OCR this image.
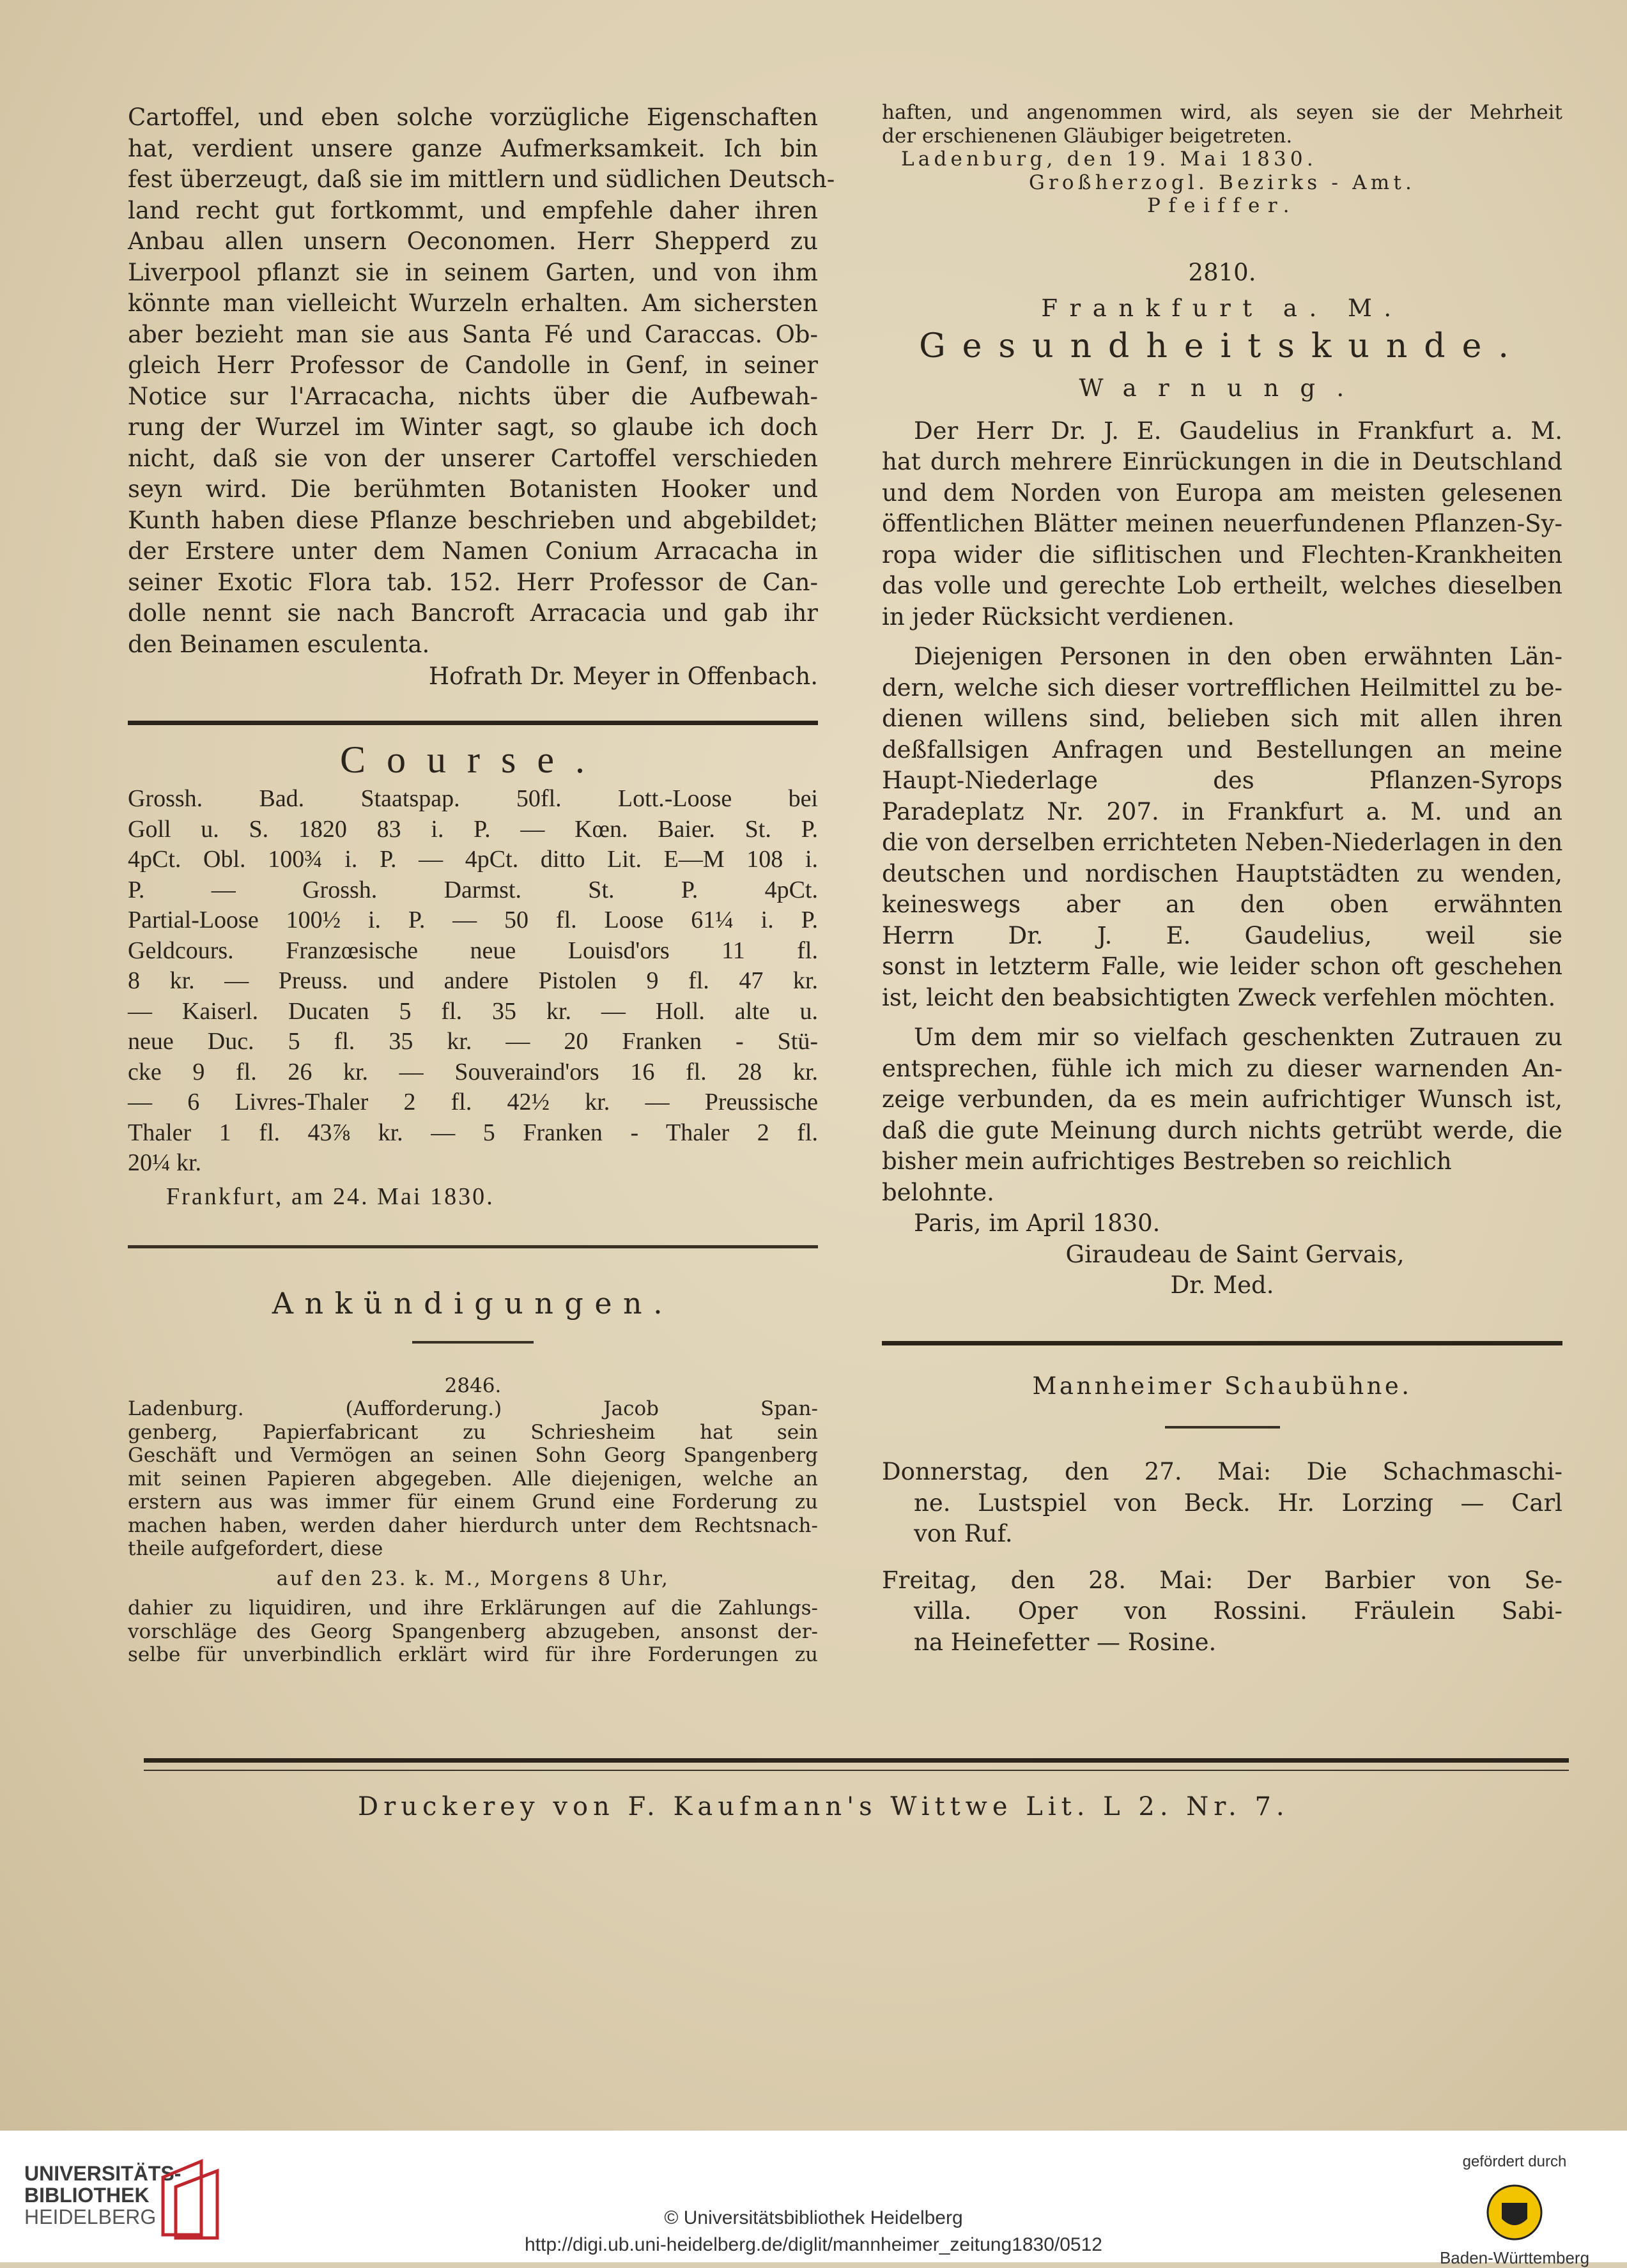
Cartoffel, und eben solche vorzügliche Eigenschaften

hat, verdient unsere ganze Aufmerksamkeit. Ich bin

fest überzeugt, daß sie im mittlern und südlichen Deutsch-

land recht gut fortkommt, und empfehle daher ihren

Anbau allen unsern Oeconomen. Herr Shepperd zu

Liverpool pflanzt sie in seinem Garten, und von ihm

könnte man vielleicht Wurzeln erhalten. Am sichersten

aber bezieht man sie aus Santa Fé und Caraccas. Ob-

gleich Herr Professor de Candolle in Genf, in seiner

Notice sur l'Arracacha, nichts über die Aufbewah-

rung der Wurzel im Winter sagt, so glaube ich doch

nicht, daß sie von der unserer Cartoffel verschieden

seyn wird. Die berühmten Botanisten Hooker und

Kunth haben diese Pflanze beschrieben und abgebildet;

der Erstere unter dem Namen Conium Arracacha in

seiner Exotic Flora tab. 152. Herr Professor de Can-

dolle nennt sie nach Bancroft Arracacia und gab ihr

den Beinamen esculenta.

Hofrath Dr. Meyer in Offenbach.

Course.

Grossh. Bad. Staatspap. 50fl. Lott.-Loose bei

Goll u. S. 1820 83 i. P. — Kœn. Baier. St. P.

4pCt. Obl. 100¾ i. P. — 4pCt. ditto Lit. E—M 108 i.

P. — Grossh. Darmst. St. P. 4pCt.

Partial-Loose 100½ i. P. — 50 fl. Loose 61¼ i. P.

Geldcours. Franzœsische neue Louisd'ors 11 fl.

8 kr. — Preuss. und andere Pistolen 9 fl. 47 kr.

— Kaiserl. Ducaten 5 fl. 35 kr. — Holl. alte u.

neue Duc. 5 fl. 35 kr. — 20 Franken - Stü-

cke 9 fl. 26 kr. — Souveraind'ors 16 fl. 28 kr.

— 6 Livres-Thaler 2 fl. 42½ kr. — Preussische

Thaler 1 fl. 43⅞ kr. — 5 Franken - Thaler 2 fl.

20¼ kr.

Frankfurt, am 24. Mai 1830.

Ankündigungen.

2846.

Ladenburg. (Aufforderung.) Jacob Span-

genberg, Papierfabricant zu Schriesheim hat sein

Geschäft und Vermögen an seinen Sohn Georg Spangenberg

mit seinen Papieren abgegeben. Alle diejenigen, welche an

erstern aus was immer für einem Grund eine Forderung zu

machen haben, werden daher hierdurch unter dem Rechtsnach-

theile aufgefordert, diese

auf den 23. k. M., Morgens 8 Uhr,

dahier zu liquidiren, und ihre Erklärungen auf die Zahlungs-

vorschläge des Georg Spangenberg abzugeben, ansonst der-

selbe für unverbindlich erklärt wird für ihre Forderungen zu

haften, und angenommen wird, als seyen sie der Mehrheit

der erschienenen Gläubiger beigetreten.

Ladenburg, den 19. Mai 1830.

Großherzogl. Bezirks - Amt.

Pfeiffer.

2810.

Frankfurt a. M.

Gesundheitskunde.

Warnung.

Der Herr Dr. J. E. Gaudelius in Frankfurt a. M.

hat durch mehrere Einrückungen in die in Deutschland

und dem Norden von Europa am meisten gelesenen

öffentlichen Blätter meinen neuerfundenen Pflanzen-Sy-

ropa wider die siflitischen und Flechten-Krankheiten

das volle und gerechte Lob ertheilt, welches dieselben

in jeder Rücksicht verdienen.

Diejenigen Personen in den oben erwähnten Län-

dern, welche sich dieser vortrefflichen Heilmittel zu be-

dienen willens sind, belieben sich mit allen ihren

deßfallsigen Anfragen und Bestellungen an meine

Haupt-Niederlage des Pflanzen-Syrops

Paradeplatz Nr. 207. in Frankfurt a. M. und an

die von derselben errichteten Neben-Niederlagen in den

deutschen und nordischen Hauptstädten zu wenden,

keineswegs aber an den oben erwähnten

Herrn Dr. J. E. Gaudelius, weil sie

sonst in letzterm Falle, wie leider schon oft geschehen

ist, leicht den beabsichtigten Zweck verfehlen möchten.

Um dem mir so vielfach geschenkten Zutrauen zu

entsprechen, fühle ich mich zu dieser warnenden An-

zeige verbunden, da es mein aufrichtiger Wunsch ist,

daß die gute Meinung durch nichts getrübt werde, die

bisher mein aufrichtiges Bestreben so reichlich belohnte.

Paris, im April 1830.

Giraudeau de Saint Gervais,

Dr. Med.

Mannheimer Schaubühne.

Donnerstag, den 27. Mai: Die Schachmaschi-

ne. Lustspiel von Beck. Hr. Lorzing — Carl

von Ruf.

Freitag, den 28. Mai: Der Barbier von Se-

villa. Oper von Rossini. Fräulein Sabi-

na Heinefetter — Rosine.

Druckerey von F. Kaufmann's Wittwe Lit. L 2. Nr. 7.

UNIVERSITÄTS-
BIBLIOTHEK
HEIDELBERG	© Universitätsbibliothek Heidelberg
http://digi.ub.uni-heidelberg.de/diglit/mannheimer_zeitung1830/0512
gefördert durch
Baden-Württemberg
